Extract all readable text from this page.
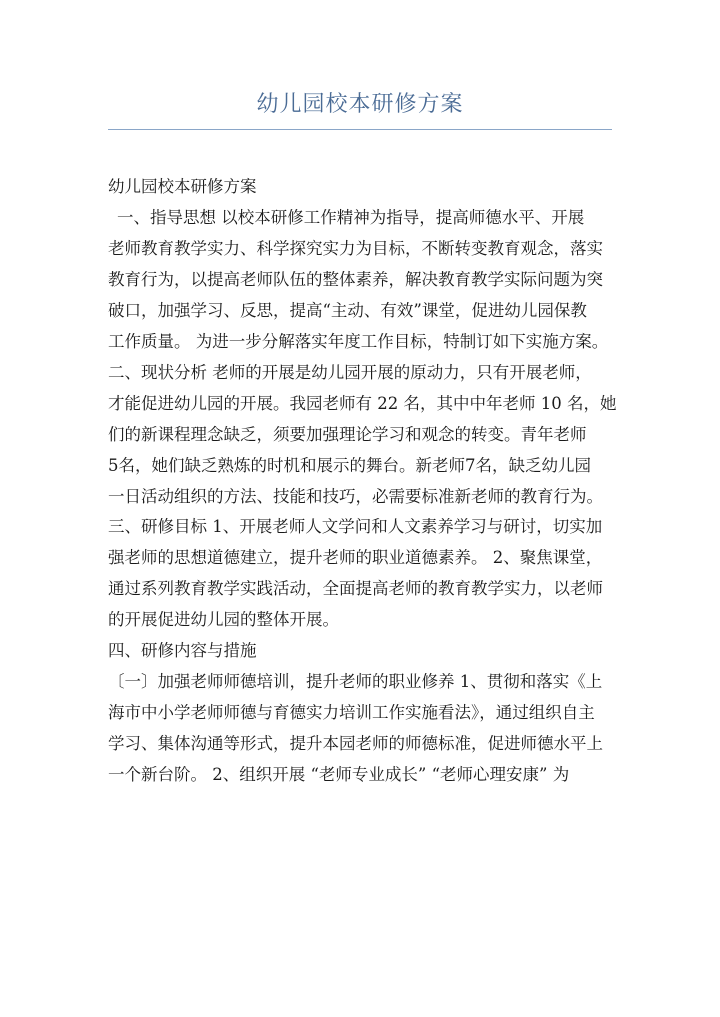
幼儿园校本研修方案
幼儿园校本研修方案
一、指导思想 以校本研修工作精神为指导，提高师德水平、开展
老师教育教学实力、科学探究实力为目标，不断转变教育观念，落实
教育行为，以提高老师队伍的整体素养，解决教育教学实际问题为突
破口，加强学习、反思，提高“主动、有效”课堂，促进幼儿园保教
工作质量。 为进一步分解落实年度工作目标，特制订如下实施方案。
二、现状分析 老师的开展是幼儿园开展的原动力，只有开展老师，
才能促进幼儿园的开展。我园老师有 22 名，其中中年老师 10 名，她
们的新课程理念缺乏，须要加强理论学习和观念的转变。青年老师
5名，她们缺乏熟炼的时机和展示的舞台。新老师7名，缺乏幼儿园
一日活动组织的方法、技能和技巧，必需要标准新老师的教育行为。
三、研修目标 1、开展老师人文学问和人文素养学习与研讨，切实加
强老师的思想道德建立，提升老师的职业道德素养。 2、聚焦课堂，
通过系列教育教学实践活动，全面提高老师的教育教学实力，以老师
的开展促进幼儿园的整体开展。
四、研修内容与措施
〔一〕加强老师师德培训，提升老师的职业修养 1、贯彻和落实《上
海市中小学老师师德与育德实力培训工作实施看法》，通过组织自主
学习、集体沟通等形式，提升本园老师的师德标准，促进师德水平上
一个新台阶。 2、组织开展 “老师专业成长” “老师心理安康” 为
